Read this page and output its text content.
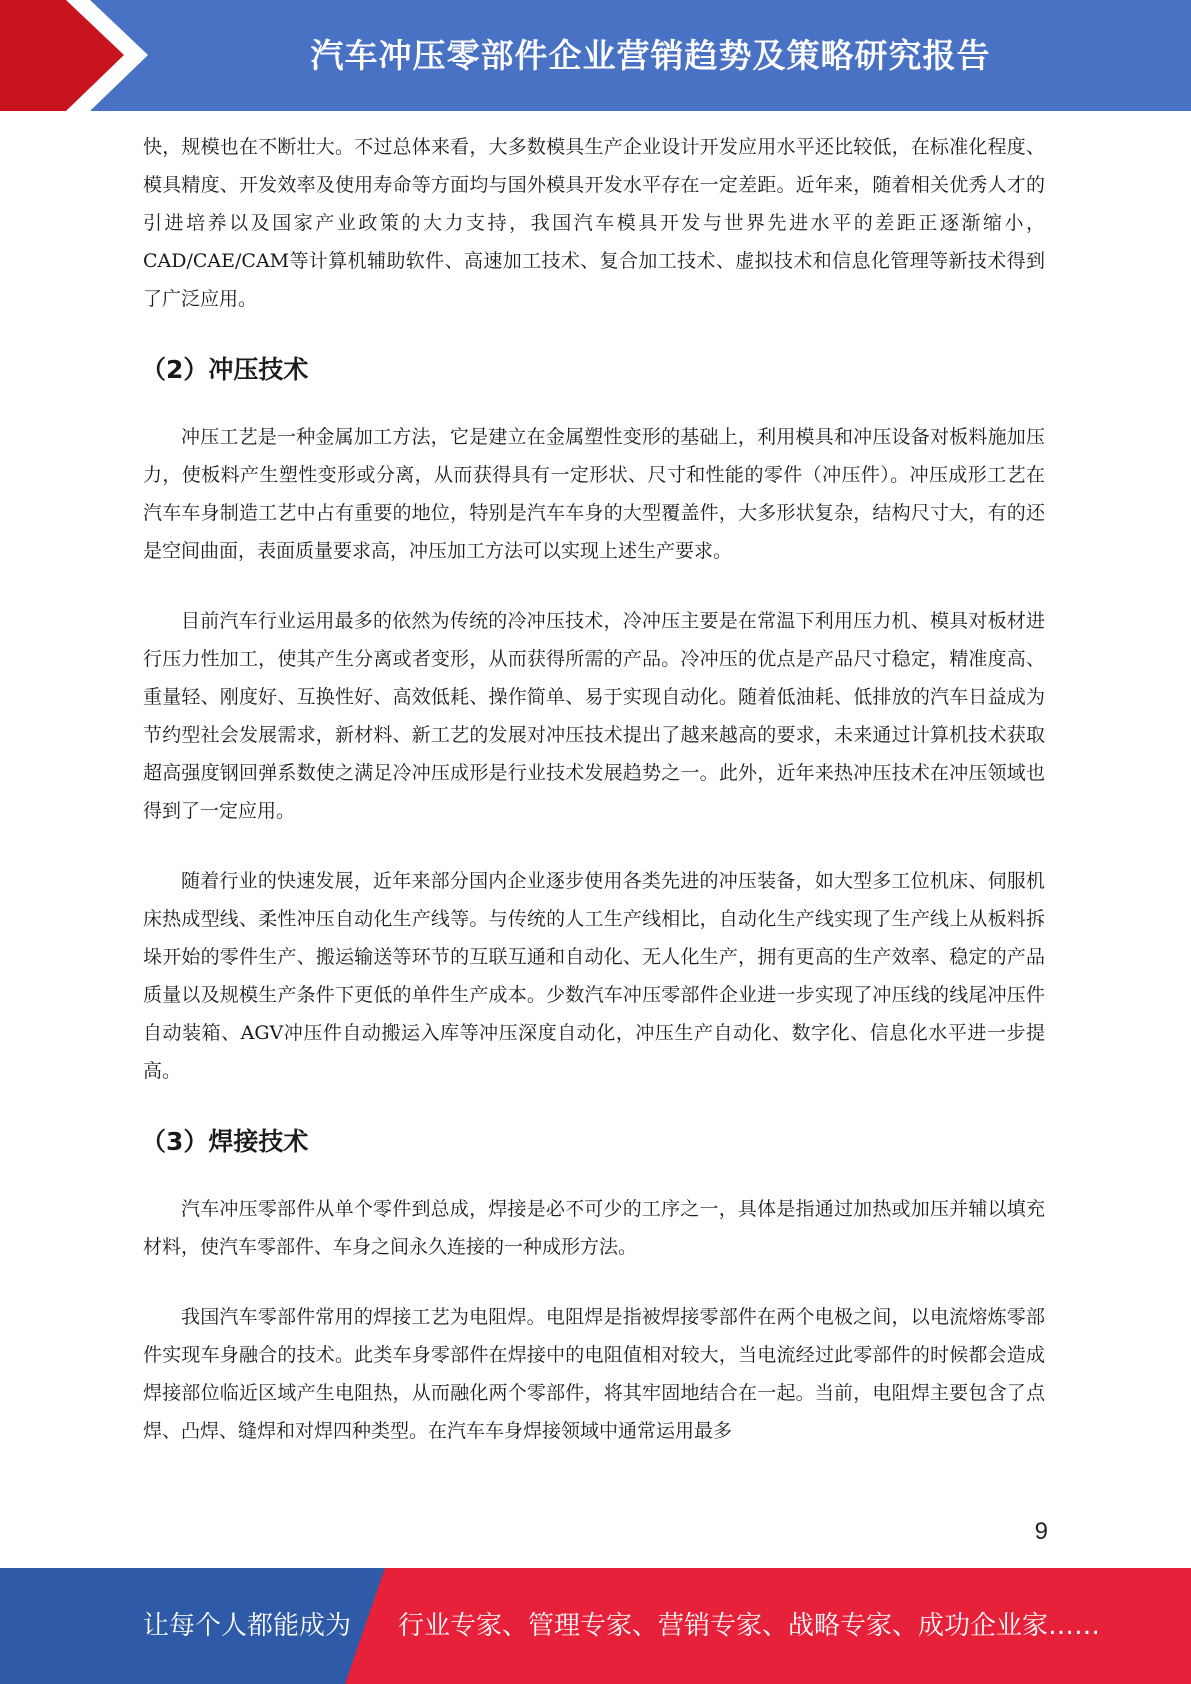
汽车冲压零部件企业营销趋势及策略研究报告

快，规模也在不断壮大。不过总体来看，大多数模具生产企业设计开发应用水平还比较低，在标准化程度、模具精度、开发效率及使用寿命等方面均与国外模具开发水平存在一定差距。近年来，随着相关优秀人才的引进培养以及国家产业政策的大力支持，我国汽车模具开发与世界先进水平的差距正逐渐缩小，CAD/CAE/CAM等计算机辅助软件、高速加工技术、复合加工技术、虚拟技术和信息化管理等新技术得到了广泛应用。

（2）冲压技术

冲压工艺是一种金属加工方法，它是建立在金属塑性变形的基础上，利用模具和冲压设备对板料施加压力，使板料产生塑性变形或分离，从而获得具有一定形状、尺寸和性能的零件（冲压件）。冲压成形工艺在汽车车身制造工艺中占有重要的地位，特别是汽车车身的大型覆盖件，大多形状复杂，结构尺寸大，有的还是空间曲面，表面质量要求高，冲压加工方法可以实现上述生产要求。

目前汽车行业运用最多的依然为传统的冷冲压技术，冷冲压主要是在常温下利用压力机、模具对板材进行压力性加工，使其产生分离或者变形，从而获得所需的产品。冷冲压的优点是产品尺寸稳定，精准度高、重量轻、刚度好、互换性好、高效低耗、操作简单、易于实现自动化。随着低油耗、低排放的汽车日益成为节约型社会发展需求，新材料、新工艺的发展对冲压技术提出了越来越高的要求，未来通过计算机技术获取超高强度钢回弹系数使之满足冷冲压成形是行业技术发展趋势之一。此外，近年来热冲压技术在冲压领域也得到了一定应用。

随着行业的快速发展，近年来部分国内企业逐步使用各类先进的冲压装备，如大型多工位机床、伺服机床热成型线、柔性冲压自动化生产线等。与传统的人工生产线相比，自动化生产线实现了生产线上从板料拆垛开始的零件生产、搬运输送等环节的互联互通和自动化、无人化生产，拥有更高的生产效率、稳定的产品质量以及规模生产条件下更低的单件生产成本。少数汽车冲压零部件企业进一步实现了冲压线的线尾冲压件自动装箱、AGV冲压件自动搬运入库等冲压深度自动化，冲压生产自动化、数字化、信息化水平进一步提高。

（3）焊接技术

汽车冲压零部件从单个零件到总成，焊接是必不可少的工序之一，具体是指通过加热或加压并辅以填充材料，使汽车零部件、车身之间永久连接的一种成形方法。

我国汽车零部件常用的焊接工艺为电阻焊。电阻焊是指被焊接零部件在两个电极之间，以电流熔炼零部件实现车身融合的技术。此类车身零部件在焊接中的电阻值相对较大，当电流经过此零部件的时候都会造成焊接部位临近区域产生电阻热，从而融化两个零部件，将其牢固地结合在一起。当前，电阻焊主要包含了点焊、凸焊、缝焊和对焊四种类型。在汽车车身焊接领域中通常运用最多

9
让每个人都能成为 行业专家、管理专家、营销专家、战略专家、成功企业家……
